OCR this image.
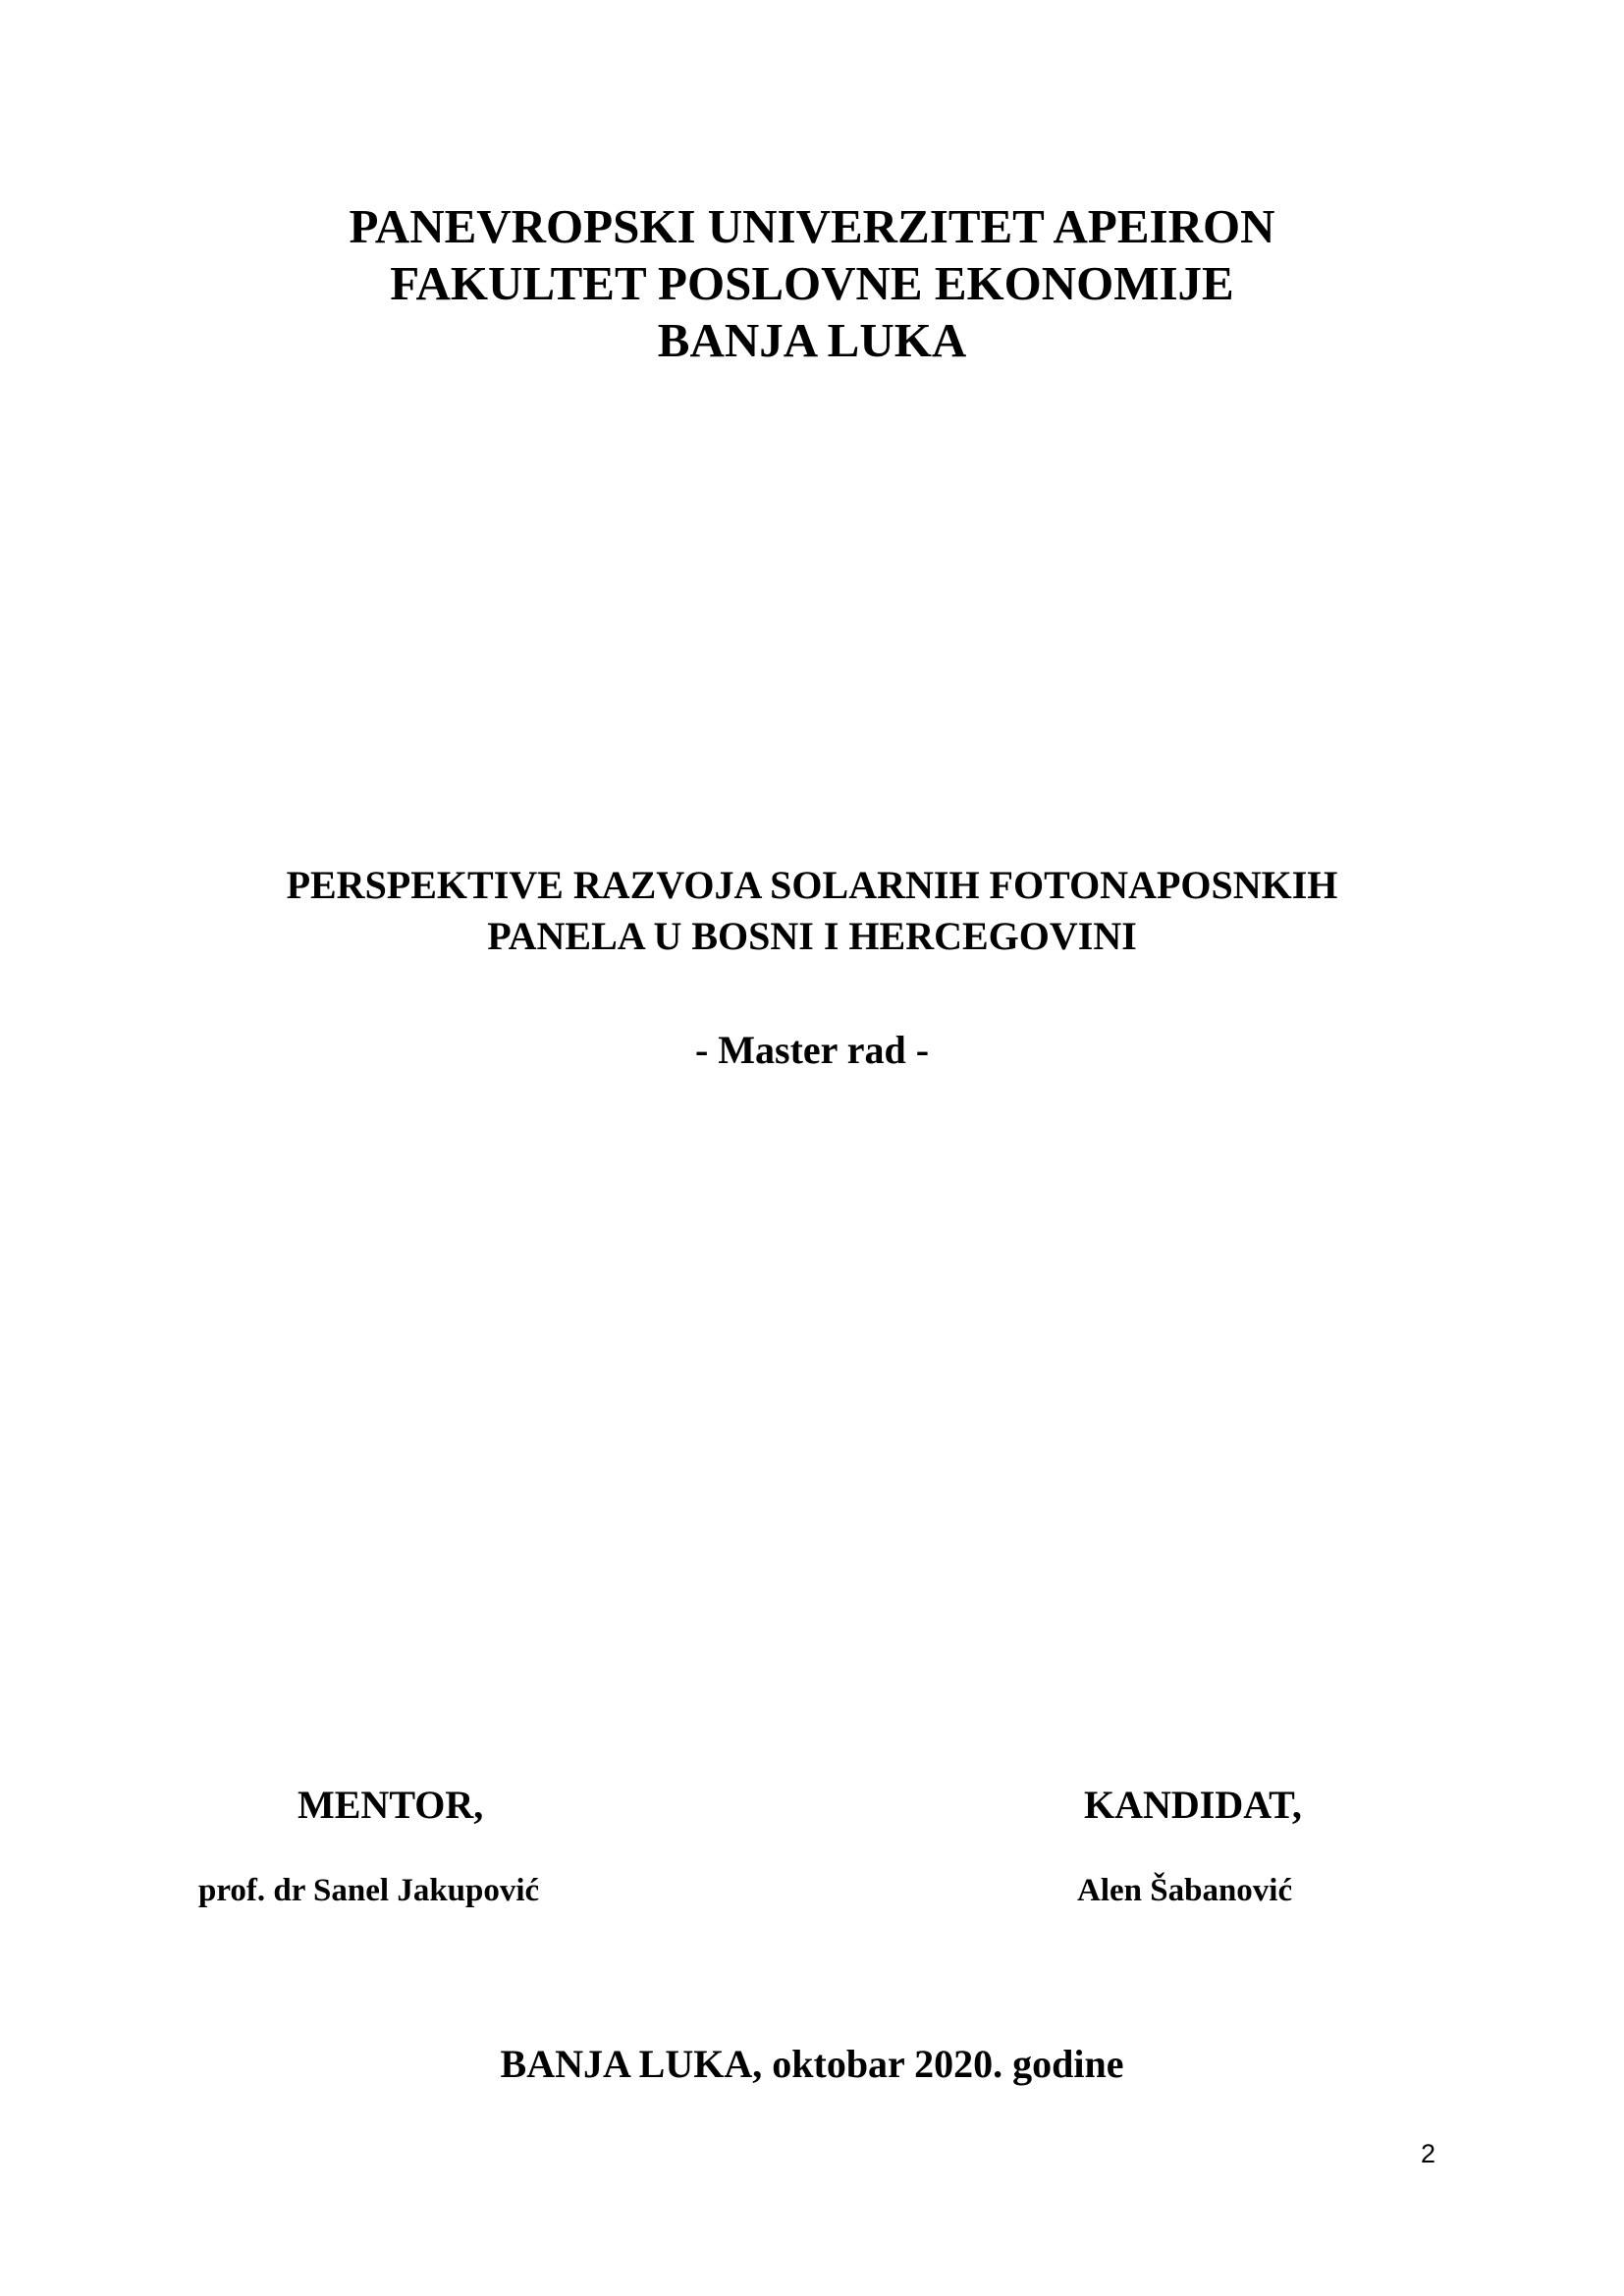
PANEVROPSKI UNIVERZITET APEIRON
FAKULTET POSLOVNE EKONOMIJE
BANJA LUKA
PERSPEKTIVE RAZVOJA SOLARNIH FOTONAPOSNKIH
PANELA U BOSNI I HERCEGOVINI
- Master rad -
MENTOR,	KANDIDAT,
prof. dr Sanel Jakupović	Alen Šabanović
BANJA LUKA, oktobar 2020. godine
2
